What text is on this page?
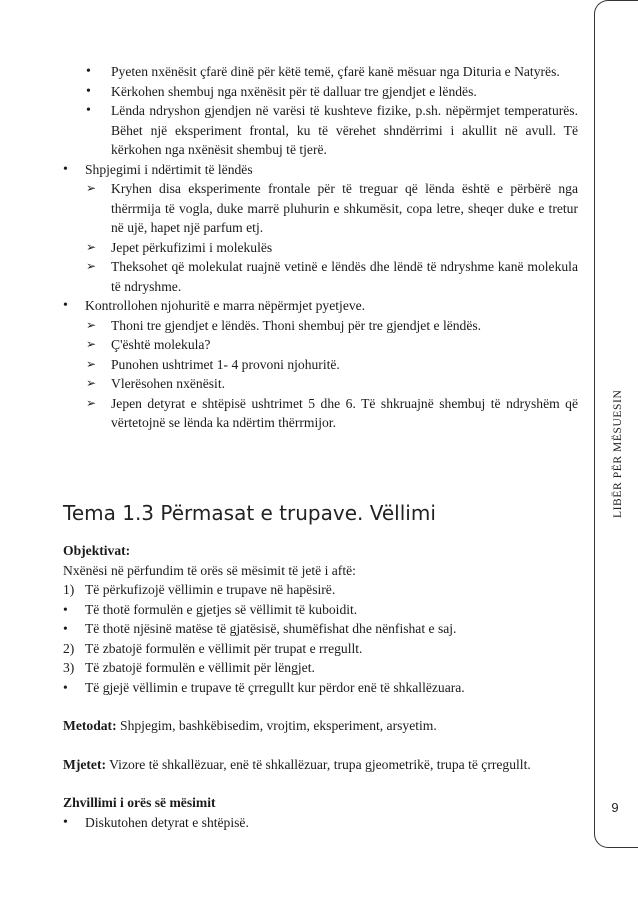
• Pyeten nxënësit çfarë dinë për këtë temë, çfarë kanë mësuar nga Dituria e Natyrës.
• Kërkohen shembuj nga nxënësit për të dalluar tre gjendjet e lëndës.
• Lënda ndryshon gjendjen në varësi të kushteve fizike, p.sh. nëpërmjet temperaturës. Bëhet një eksperiment frontal, ku të vërehet shndërrimi i akullit në avull. Të kërkohen nga nxënësit shembuj të tjerë.
• Shpjegimi i ndërtimit të lëndës
➢ Kryhen disa eksperimente frontale për të treguar që lënda është e përbërë nga thërrmija të vogla, duke marrë pluhurin e shkumësit, copa letre, sheqer duke e tretur në ujë, hapet një parfum etj.
➢ Jepet përkufizimi i molekulës
➢ Theksohet që molekulat ruajnë vetinë e lëndës dhe lëndë të ndryshme kanë molekula të ndryshme.
• Kontrollohen njohuritë e marra nëpërmjet pyetjeve.
➢ Thoni tre gjendjet e lëndës. Thoni shembuj për tre gjendjet e lëndës.
➢ Ç'është molekula?
➢ Punohen ushtrimet 1- 4 provoni njohuritë.
➢ Vlerësohen nxënësit.
➢ Jepen detyrat e shtëpisë ushtrimet 5 dhe 6. Të shkruajnë shembuj të ndryshëm që vërtetojnë se lënda ka ndërtim thërrmijor.
Tema 1.3 Përmasat e trupave. Vëllimi
Objektivat:
Nxënësi në përfundim të orës së mësimit të jetë i aftë:
1) Të përkufizojë vëllimin e trupave në hapësirë.
• Të thotë formulën e gjetjes së vëllimit të kuboidit.
• Të thotë njësinë matëse të gjatësisë, shumëfishat dhe nënfishat e saj.
2) Të zbatojë formulën e vëllimit për trupat e rregullt.
3) Të zbatojë formulën e vëllimit për lëngjet.
• Të gjejë vëllimin e trupave të çrregullt kur përdor enë të shkallëzuara.
Metodat: Shpjegim, bashkëbisedim, vrojtim, eksperiment, arsyetim.
Mjetet: Vizore të shkallëzuar, enë të shkallëzuar, trupa gjeometrikë, trupa të çrregullt.
Zhvillimi i orës së mësimit
• Diskutohen detyrat e shtëpisë.
LIBËR PËR MËSUESIN
9
